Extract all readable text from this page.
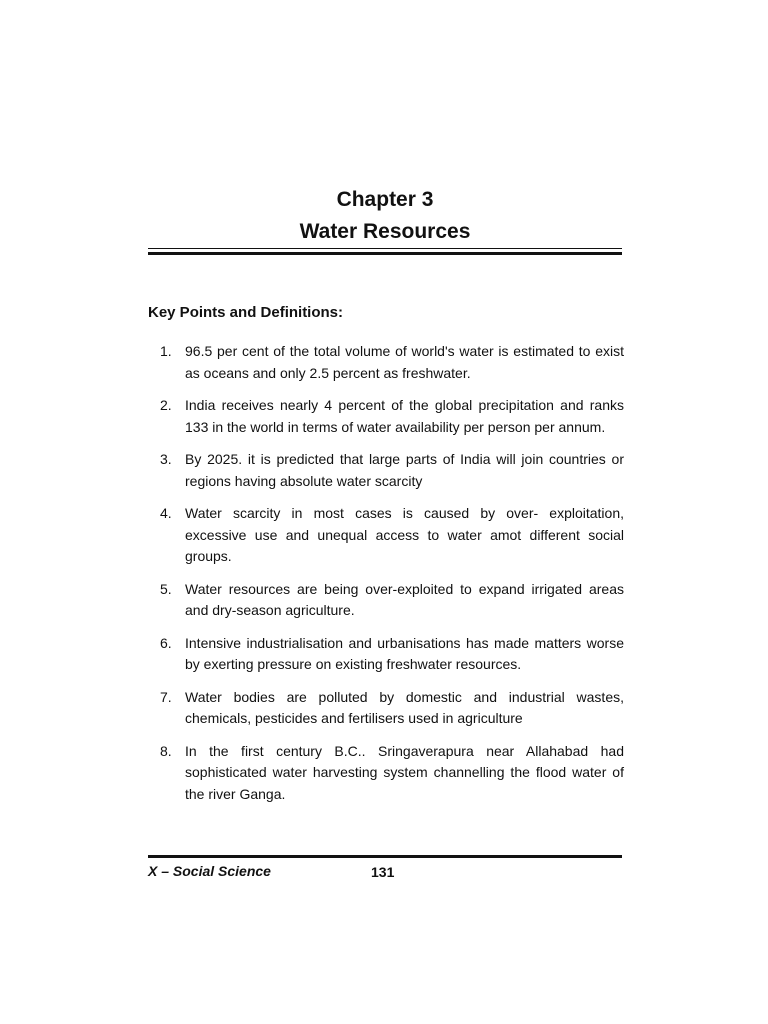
Chapter 3
Water Resources
Key Points and Definitions:
1. 96.5 per cent of the total volume of world's water is estimated to exist as oceans and only 2.5 percent as freshwater.
2. India receives nearly 4 percent of the global precipitation and ranks 133 in the world in terms of water availability per person per annum.
3. By 2025. it is predicted that large parts of India will join countries or regions having absolute water scarcity
4. Water scarcity in most cases is caused by over- exploitation, excessive use and unequal access to water amot different social groups.
5. Water resources are being over-exploited to expand irrigated areas and dry-season agriculture.
6. Intensive industrialisation and urbanisations has made matters worse by exerting pressure on existing freshwater resources.
7. Water bodies are polluted by domestic and industrial wastes, chemicals, pesticides and fertilisers used in agriculture
8. In the first century B.C.. Sringaverapura near Allahabad had sophisticated water harvesting system channelling the flood water of the river Ganga.
X – Social Science	131
